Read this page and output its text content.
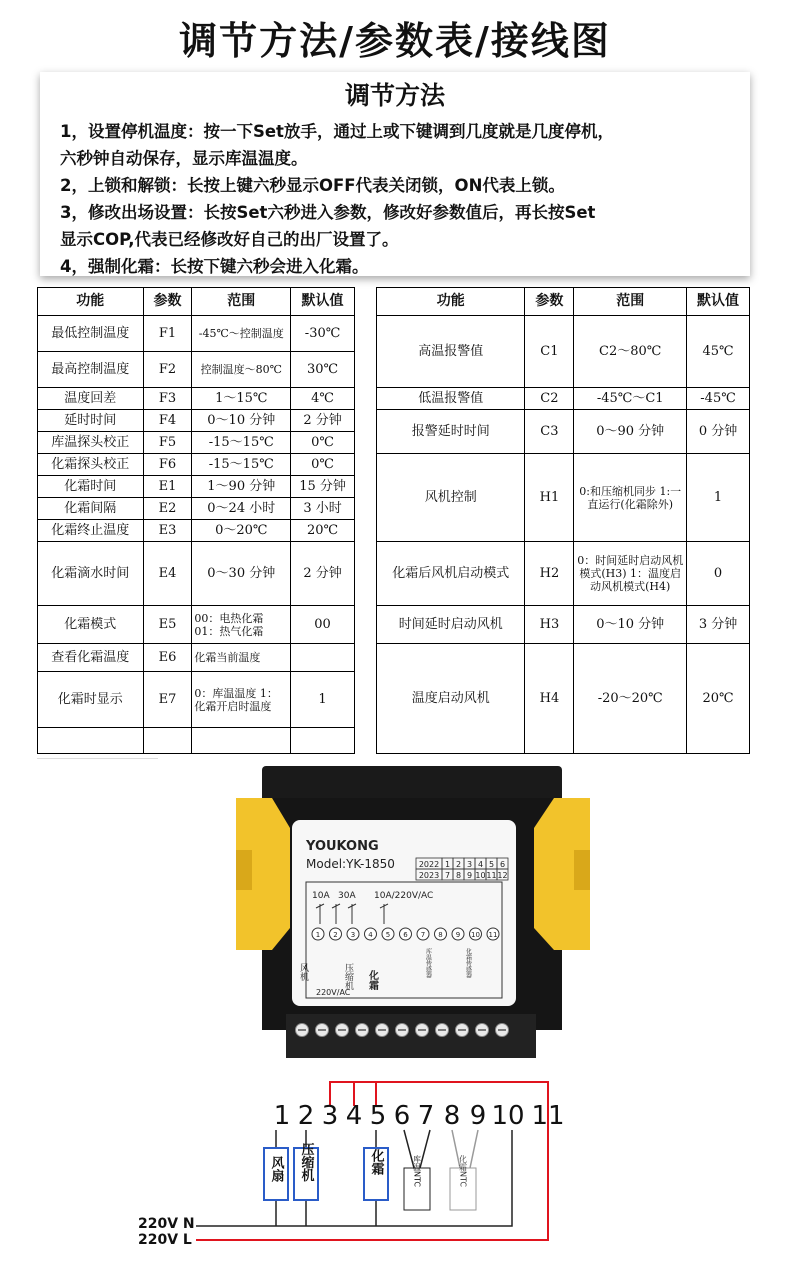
调节方法/参数表/接线图
调节方法
1，设置停机温度：按一下Set放手，通过上或下键调到几度就是几度停机，
六秒钟自动保存，显示库温温度。
2，上锁和解锁：长按上键六秒显示OFF代表关闭锁，ON代表上锁。
3，修改出场设置：长按Set六秒进入参数，修改好参数值后，再长按Set
显示COP,代表已经修改好自己的出厂设置了。
4，强制化霜：长按下键六秒会进入化霜。
功能	参数	范围	默认值
最低控制温度	F1	-45℃～控制温度	-30℃
最高控制温度	F2	控制温度～80℃	30℃
温度回差	F3	1～15℃	4℃
延时时间	F4	0～10 分钟	2 分钟
库温探头校正	F5	-15～15℃	0℃
化霜探头校正	F6	-15～15℃	0℃
化霜时间	E1	1～90 分钟	15 分钟
化霜间隔	E2	0～24 小时	3 小时
化霜终止温度	E3	0～20℃	20℃
化霜滴水时间	E4	0～30 分钟	2 分钟
化霜模式	E5	00：电热化霜 01：热气化霜	00
查看化霜温度	E6	化霜当前温度	
化霜时显示	E7	0：库温温度 1：化霜开启时温度	1

功能	参数	范围	默认值
高温报警值	C1	C2～80℃	45℃
低温报警值	C2	-45℃～C1	-45℃
报警延时时间	C3	0～90 分钟	0 分钟
风机控制	H1	0:和压缩机同步 1:一直运行(化霜除外)	1
化霜后风机启动模式	H2	0：时间延时启动风机模式(H3) 1：温度启动风机模式(H4)	0
时间延时启动风机	H3	0～10 分钟	3 分钟
温度启动风机	H4	-20～20℃	20℃
YOUKONG
Model:YK-1850	2022 1 2 3 4 5 6
2023 7 8 9 10 11 12
10A 30A 10A/220V/AC
1 2 3 4 5 6 7 8 9 10 11
风机	压缩机 化霜
库温传感器	化霜传感器
220V/AC
1 2 3 4 5 6 7 8 9 10 11
风扇 压缩机	化霜	库温NTC	化霜NTC
220V N
220V L
